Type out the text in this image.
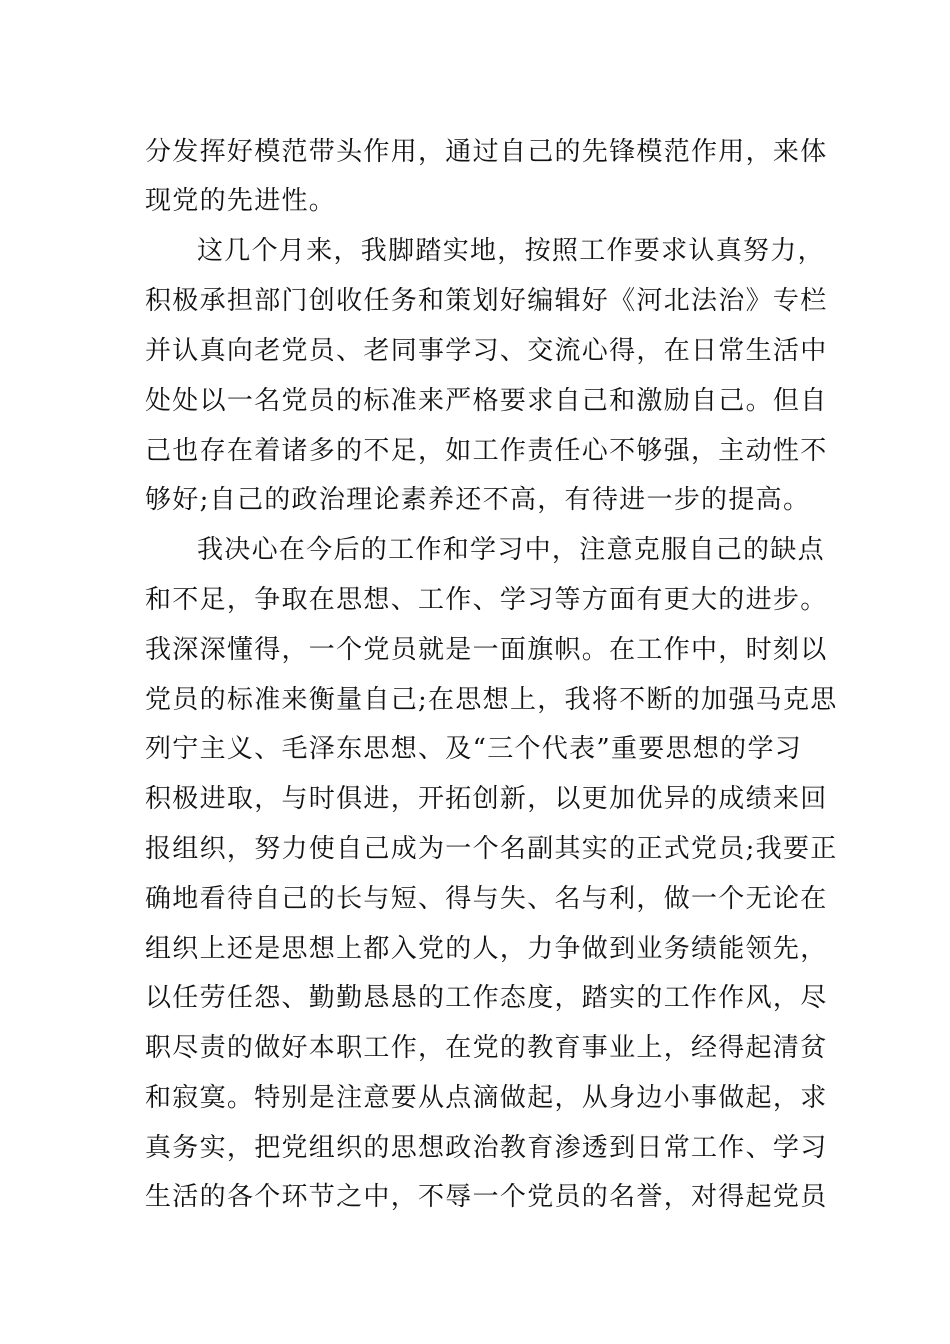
分发挥好模范带头作用，通过自己的先锋模范作用，来体
现党的先进性。
这几个月来，我脚踏实地，按照工作要求认真努力，
积极承担部门创收任务和策划好编辑好《河北法治》专栏
并认真向老党员、老同事学习、交流心得，在日常生活中
处处以一名党员的标准来严格要求自己和激励自己。但自
己也存在着诸多的不足，如工作责任心不够强，主动性不
够好;自己的政治理论素养还不高，有待进一步的提高。
我决心在今后的工作和学习中，注意克服自己的缺点
和不足，争取在思想、工作、学习等方面有更大的进步。
我深深懂得，一个党员就是一面旗帜。在工作中，时刻以
党员的标准来衡量自己;在思想上，我将不断的加强马克思
列宁主义、毛泽东思想、及“三个代表”重要思想的学习
积极进取，与时俱进，开拓创新，以更加优异的成绩来回
报组织，努力使自己成为一个名副其实的正式党员;我要正
确地看待自己的长与短、得与失、名与利，做一个无论在
组织上还是思想上都入党的人，力争做到业务绩能领先，
以任劳任怨、勤勤恳恳的工作态度，踏实的工作作风，尽
职尽责的做好本职工作，在党的教育事业上，经得起清贫
和寂寞。特别是注意要从点滴做起，从身边小事做起，求
真务实，把党组织的思想政治教育渗透到日常工作、学习
生活的各个环节之中，不辱一个党员的名誉，对得起党员
